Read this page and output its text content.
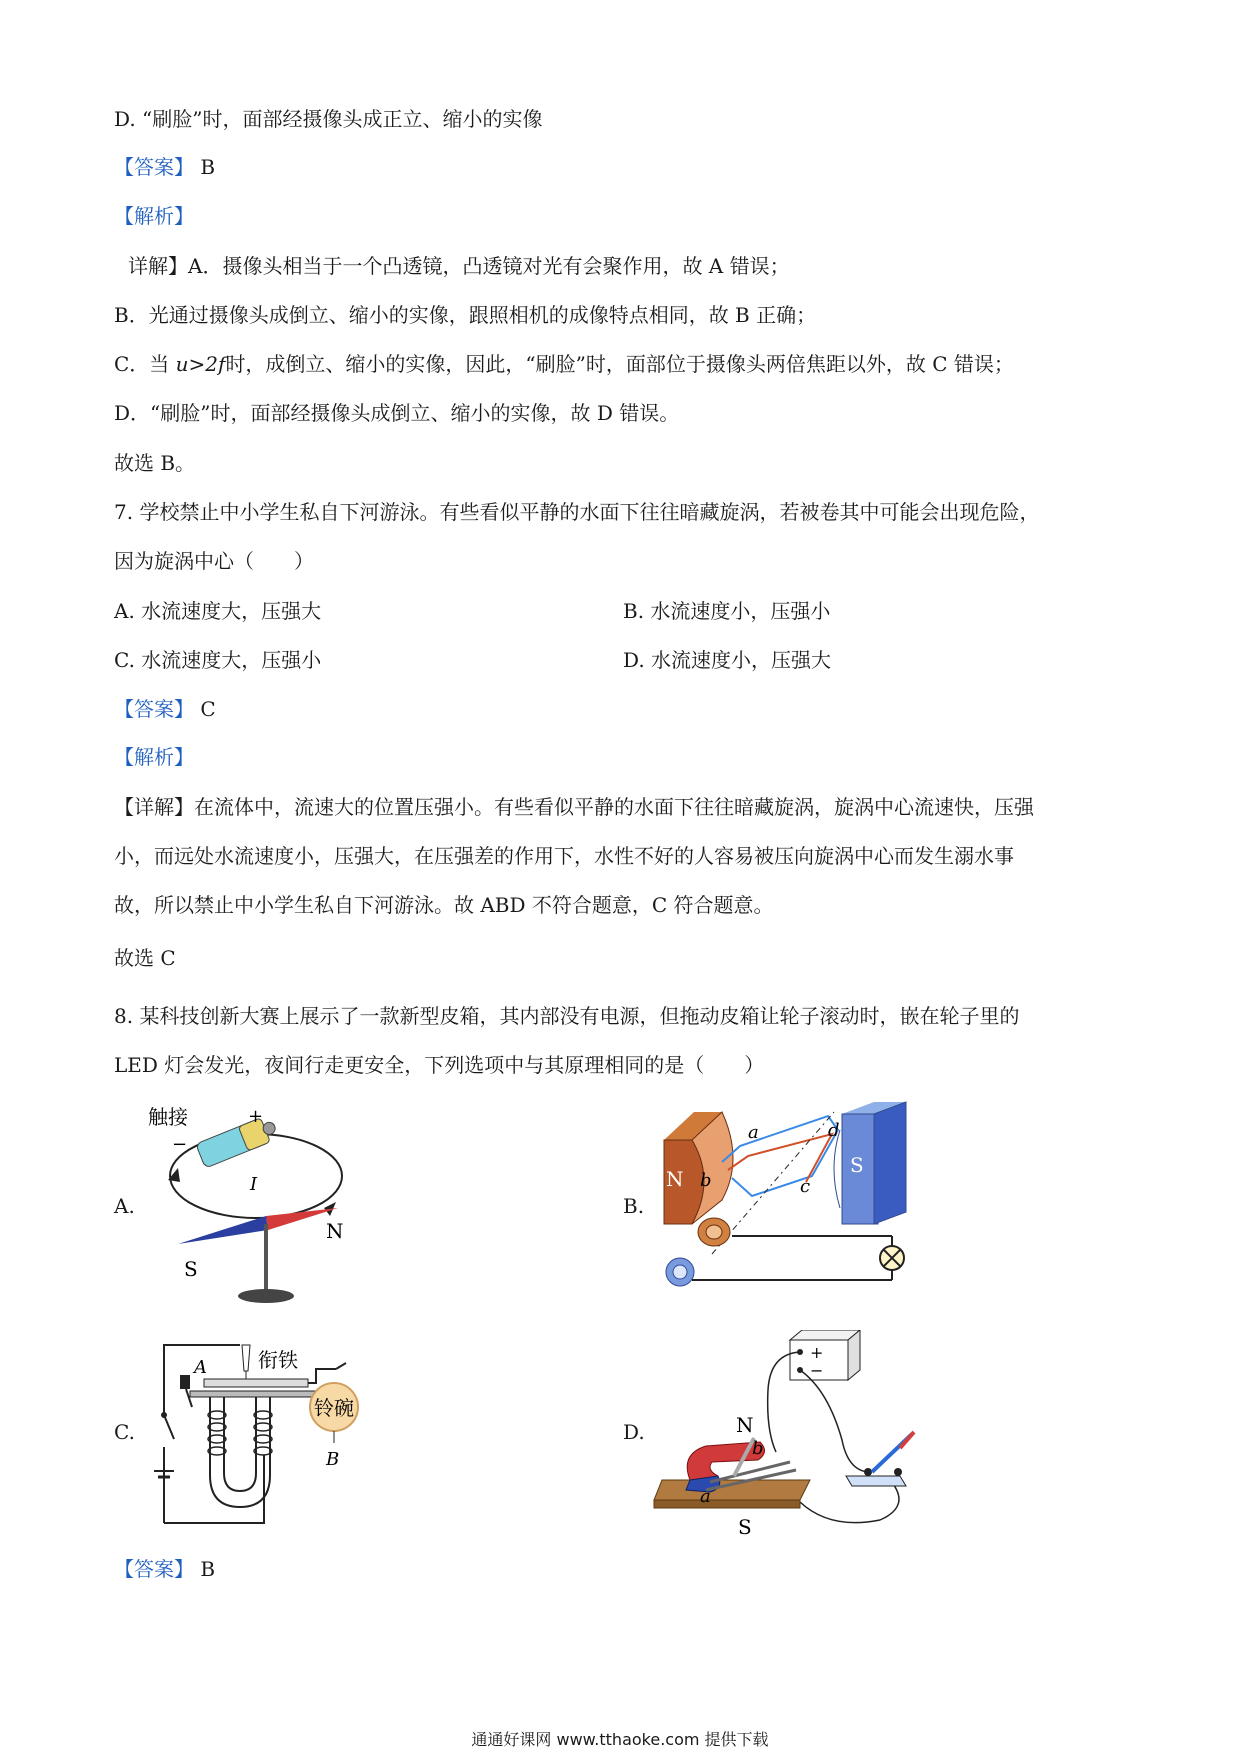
D. “刷脸”时，面部经摄像头成正立、缩小的实像
【答案】 B
【解析】
详解】A．摄像头相当于一个凸透镜，凸透镜对光有会聚作用，故 A 错误；
B．光通过摄像头成倒立、缩小的实像，跟照相机的成像特点相同，故 B 正确；
C．当 u>2f时，成倒立、缩小的实像，因此，“刷脸”时，面部位于摄像头两倍焦距以外，故 C 错误；
D．“刷脸”时，面部经摄像头成倒立、缩小的实像，故 D 错误。
故选 B。
7. 学校禁止中小学生私自下河游泳。有些看似平静的水面下往往暗藏旋涡，若被卷其中可能会出现危险，
因为旋涡中心（　　）
A. 水流速度大，压强大	B. 水流速度小，压强小
C. 水流速度大，压强小	D. 水流速度小，压强大
【答案】 C
【解析】
【详解】在流体中，流速大的位置压强小。有些看似平静的水面下往往暗藏旋涡，旋涡中心流速快，压强
小，而远处水流速度小，压强大，在压强差的作用下，水性不好的人容易被压向旋涡中心而发生溺水事
故，所以禁止中小学生私自下河游泳。故 ABD 不符合题意，C 符合题意。
故选 C
8. 某科技创新大赛上展示了一款新型皮箱，其内部没有电源，但拖动皮箱让轮子滚动时，嵌在轮子里的
LED 灯会发光，夜间行走更安全，下列选项中与其原理相同的是（　　）
A.	B.
C.	D.
触接
−
+
I
S
N
N
S
a
b	c
d
衔铁
铃碗
A
B
+
−
N
b
a
S
【答案】 B
通通好课网 www.tthaoke.com 提供下载
